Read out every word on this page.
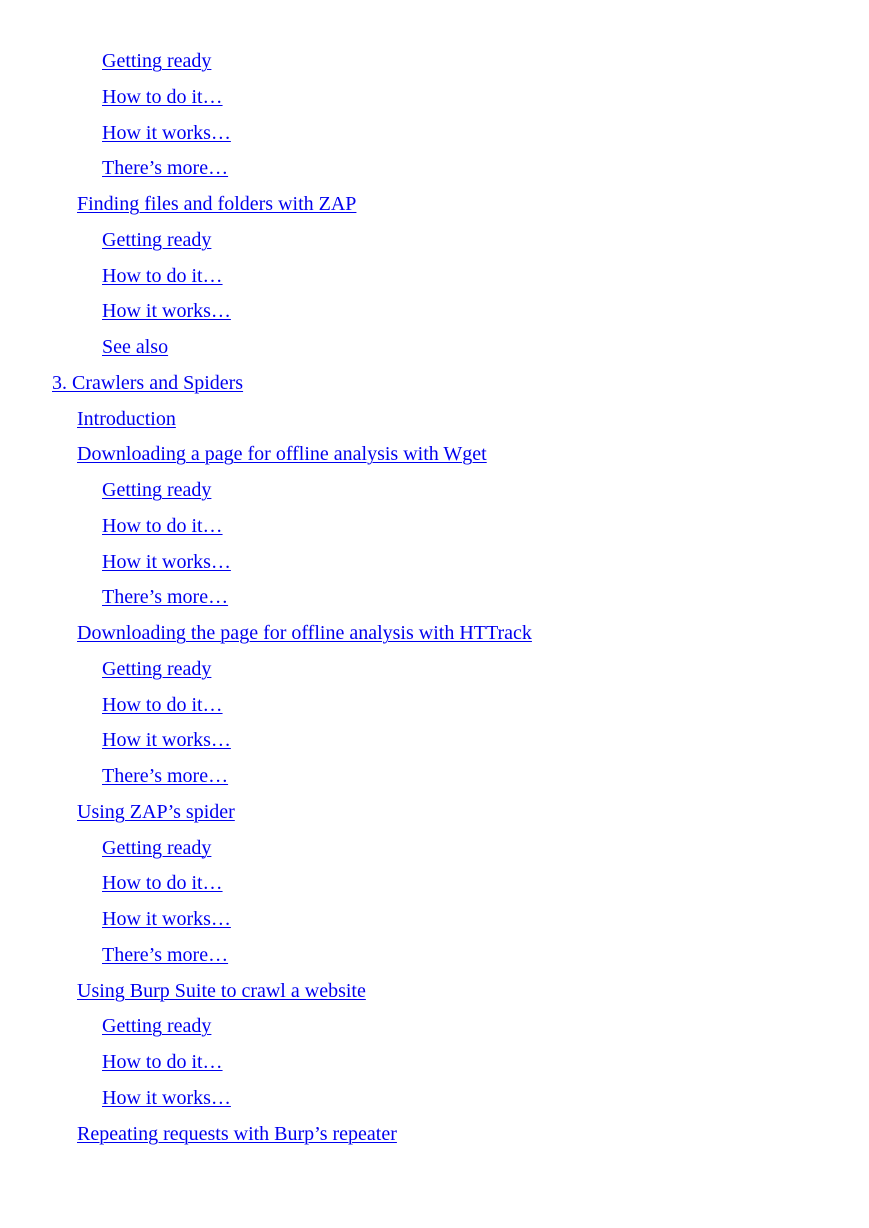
Getting ready
How to do it…
How it works…
There’s more…
Finding files and folders with ZAP
Getting ready
How to do it…
How it works…
See also
3. Crawlers and Spiders
Introduction
Downloading a page for offline analysis with Wget
Getting ready
How to do it…
How it works…
There’s more…
Downloading the page for offline analysis with HTTrack
Getting ready
How to do it…
How it works…
There’s more…
Using ZAP’s spider
Getting ready
How to do it…
How it works…
There’s more…
Using Burp Suite to crawl a website
Getting ready
How to do it…
How it works…
Repeating requests with Burp’s repeater
